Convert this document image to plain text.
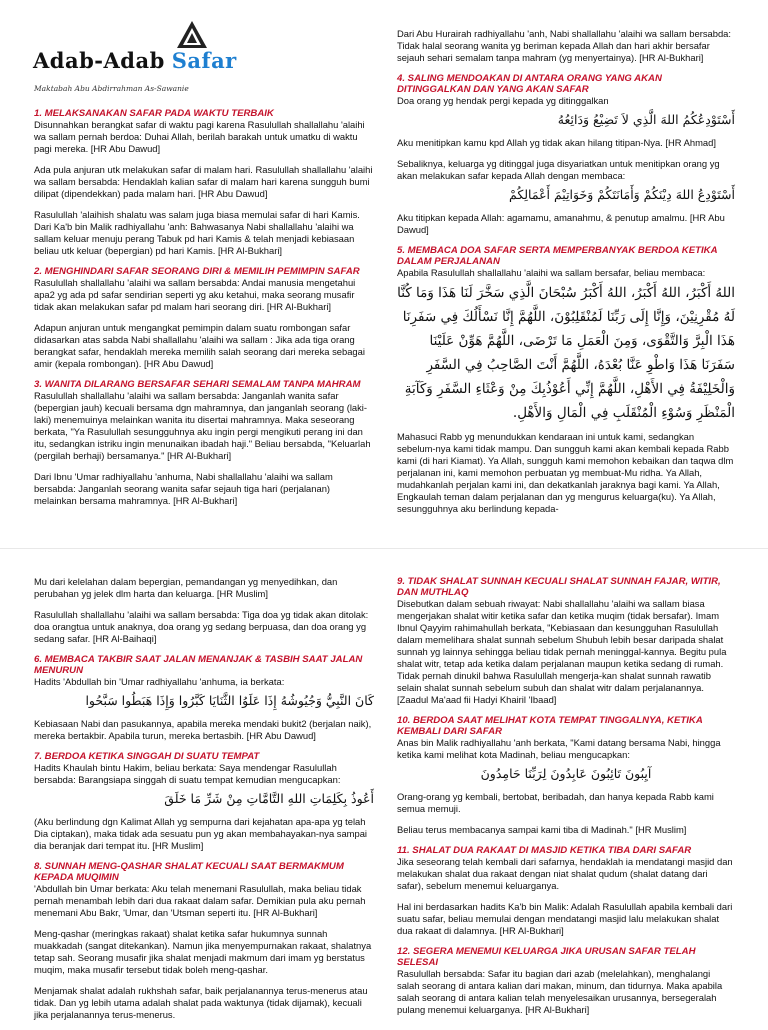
Adab-Adab Safar
Maktabah Abu Abdirrahman As-Sawanie
1. MELAKSANAKAN SAFAR PADA WAKTU TERBAIK

Disunnahkan berangkat safar di waktu pagi karena Rasulullah shallallahu 'alaihi wa sallam pernah berdoa: Duhai Allah, berilah barakah untuk umatku di waktu pagi mereka. [HR Abu Dawud]

Ada pula anjuran utk melakukan safar di malam hari. Rasulullah shallallahu 'alaihi wa sallam bersabda: Hendaklah kalian safar di malam hari karena sungguh bumi dilipat (dipendekkan) pada malam hari. [HR Abu Dawud]

Rasulullah 'alaihish shalatu was salam juga biasa memulai safar di hari Kamis. Dari Ka'b bin Malik radhiyallahu 'anh: Bahwasanya Nabi shallallahu 'alaihi wa sallam keluar menuju perang Tabuk pd hari Kamis & telah menjadi kebiasaan beliau utk keluar (bepergian) pd hari Kamis. [HR Al-Bukhari]

2. MENGHINDARI SAFAR SEORANG DIRI & MEMILIH PEMIMPIN SAFAR

Rasulullah shallallahu 'alaihi wa sallam bersabda: Andai manusia mengetahui apa2 yg ada pd safar sendirian seperti yg aku ketahui, maka seorang musafir tidak akan melakukan safar pd malam hari seorang diri. [HR Al-Bukhari]

Adapun anjuran untuk mengangkat pemimpin dalam suatu rombongan safar didasarkan atas sabda Nabi shallallahu 'alaihi wa sallam : Jika ada tiga orang berangkat safar, hendaklah mereka memilih salah seorang dari mereka sebagai amir (kepala rombongan). [HR Abu Dawud]

3. WANITA DILARANG BERSAFAR SEHARI SEMALAM TANPA MAHRAM

Rasulullah shallallahu 'alaihi wa sallam bersabda: Janganlah wanita safar (bepergian jauh) kecuali bersama dgn mahramnya, dan janganlah seorang (laki-laki) menemuinya melainkan wanita itu disertai mahramnya. Maka seseorang berkata, "Ya Rasulullah sesungguhnya aku ingin pergi mengikuti perang ini dan itu, sedangkan istriku ingin menunaikan ibadah haji." Beliau bersabda, "Keluarlah (pergilah berhaji) bersamanya." [HR Al-Bukhari]

Dari Ibnu 'Umar radhiyallahu 'anhuma, Nabi shallallahu 'alaihi wa sallam bersabda: Janganlah seorang wanita safar sejauh tiga hari (perjalanan) melainkan bersama mahramnya. [HR Al-Bukhari]

Dari Abu Hurairah radhiyallahu 'anh, Nabi shallallahu 'alaihi wa sallam bersabda: Tidak halal seorang wanita yg beriman kepada Allah dan hari akhir bersafar sejauh sehari semalam tanpa mahram (yg menyertainya). [HR Al-Bukhari]

4. SALING MENDOAKAN DI ANTARA ORANG YANG AKAN DITINGGALKAN DAN YANG AKAN SAFAR

Doa orang yg hendak pergi kepada yg ditinggalkan

أَسْتَوْدِعُكُمُ اللهَ الَّذِي لاَ تَضِيْعُ وَدَائِعُهُ

Aku menitipkan kamu kpd Allah yg tidak akan hilang titipan-Nya. [HR Ahmad]

Sebaliknya, keluarga yg ditinggal juga disyariatkan untuk menitipkan orang yg akan melakukan safar kepada Allah dengan membaca:

أَسْتَوْدِعُ اللهَ دِيْنَكُمْ وَأَمَانَتَكُمْ وَخَوَاتِيْمَ أَعْمَالِكُمْ

Aku titipkan kepada Allah: agamamu, amanahmu, & penutup amalmu. [HR Abu Dawud]

5. MEMBACA DOA SAFAR SERTA MEMPERBANYAK BERDOA KETIKA DALAM PERJALANAN

Apabila Rasulullah shallallahu 'alaihi wa sallam bersafar, beliau membaca:

اللهُ أَكْبَرُ، اللهُ أَكْبَرُ، اللهُ أَكْبَرُ سُبْحَانَ الَّذِي سَخَّرَ لَنَا هَذَا وَمَا كُنَّا لَهُ مُقْرِنِيْنَ، وَإِنَّا إِلَى رَبِّنَا لَمُنْقَلِبُوْنَ، اللَّهُمَّ إِنَّا نَسْأَلُكَ فِي سَفَرِنَا هَذَا الْبِرَّ وَالتَّقْوَى، وَمِنَ الْعَمَلِ مَا تَرْضَى، اللَّهُمَّ هَوِّنْ عَلَيْنَا سَفَرَنَا هَذَا وَاطْوِ عَنَّا بُعْدَهُ، اللَّهُمَّ أَنْتَ الصَّاحِبُ فِي السَّفَرِ وَالْخَلِيْفَةُ فِي الأَهْلِ، اللَّهُمَّ إِنِّي أَعُوْذُبِكَ مِنْ وَعْثَاءِ السَّفَرِ وَكَآبَةِ الْمَنْظَرِ وَسُوْءِ الْمُنْقَلَبِ فِي الْمَالِ وَالأَهْلِ.

Mahasuci Rabb yg menundukkan kendaraan ini untuk kami, sedangkan sebelum-nya kami tidak mampu. Dan sungguh kami akan kembali kepada Rabb kami (di hari Kiamat). Ya Allah, sungguh kami memohon kebaikan dan taqwa dlm perjalanan ini, kami memohon perbuatan yg membuat-Mu ridha. Ya Allah, mudahkanlah perjalan kami ini, dan dekatkanlah jaraknya bagi kami. Ya Allah, Engkaulah teman dalam perjalanan dan yg mengurus keluarga(ku). Ya Allah, sesungguhnya aku berlindung kepada-

Mu dari kelelahan dalam bepergian, pemandangan yg menyedihkan, dan perubahan yg jelek dlm harta dan keluarga. [HR Muslim]

Rasulullah shallallahu 'alaihi wa sallam bersabda: Tiga doa yg tidak akan ditolak: doa orangtua untuk anaknya, doa orang yg sedang berpuasa, dan doa orang yg sedang safar. [HR Al-Baihaqi]

6. MEMBACA TAKBIR SAAT JALAN MENANJAK & TASBIH SAAT JALAN MENURUN

Hadits 'Abdullah bin 'Umar radhiyallahu 'anhuma, ia berkata:

كَانَ النَّبِيُّ وَجُيُوشُهُ إِذَا عَلَوُا الثَّنَايَا كَبَّرُوا وَإِذَا هَبَطُوا سَبَّحُوا

Kebiasaan Nabi dan pasukannya, apabila mereka mendaki bukit2 (berjalan naik), mereka bertakbir. Apabila turun, mereka bertasbih. [HR Abu Dawud]

7. BERDOA KETIKA SINGGAH DI SUATU TEMPAT

Hadits Khaulah bintu Hakim, beliau berkata: Saya mendengar Rasulullah bersabda: Barangsiapa singgah di suatu tempat kemudian mengucapkan:

أَعُوذُ بِكَلِمَاتِ اللهِ التَّامَّاتِ مِنْ شَرِّ مَا خَلَقَ

(Aku berlindung dgn Kalimat Allah yg sempurna dari kejahatan apa-apa yg telah Dia ciptakan), maka tidak ada sesuatu pun yg akan membahayakan-nya sampai dia beranjak dari tempat itu. [HR Muslim]

8. SUNNAH MENG-QASHAR SHALAT KECUALI SAAT BERMAKMUM KEPADA MUQIMIN

'Abdullah bin Umar berkata: Aku telah menemani Rasulullah, maka beliau tidak pernah menambah lebih dari dua rakaat dalam safar. Demikian pula aku pernah menemani Abu Bakr, 'Umar, dan 'Utsman seperti itu. [HR Al-Bukhari]

Meng-qashar (meringkas rakaat) shalat ketika safar hukumnya sunnah muakkadah (sangat ditekankan). Namun jika menyempurnakan rakaat, shalatnya tetap sah. Seorang musafir jika shalat menjadi makmum dari imam yg berstatus muqim, maka musafir tersebut tidak boleh meng-qashar.

Menjamak shalat adalah rukhshah safar, baik perjalanannya terus-menerus atau tidak. Dan yg lebih utama adalah shalat pada waktunya (tidak dijamak), kecuali jika perjalanannya terus-menerus.

9. TIDAK SHALAT SUNNAH KECUALI SHALAT SUNNAH FAJAR, WITIR, DAN MUTHLAQ

Disebutkan dalam sebuah riwayat: Nabi shallallahu 'alaihi wa sallam biasa mengerjakan shalat witir ketika safar dan ketika muqim (tidak bersafar). Imam Ibnul Qayyim rahimahullah berkata, "Kebiasaan dan kesungguhan Rasulullah dalam memelihara shalat sunnah sebelum Shubuh lebih besar daripada shalat sunnah yg lainnya sehingga beliau tidak pernah meninggal-kannya. Begitu pula shalat witr, tetap ada ketika dalam perjalanan maupun ketika sedang di rumah. Tidak pernah dinukil bahwa Rasulullah mengerja-kan shalat sunnah rawatib selain shalat sunnah sebelum subuh dan shalat witr dalam perjalanannya. [Zaadul Ma'aad fii Hadyi Khairil 'Ibaad]

10. BERDOA SAAT MELIHAT KOTA TEMPAT TINGGALNYA, KETIKA KEMBALI DARI SAFAR

Anas bin Malik radhiyallahu 'anh berkata, "Kami datang bersama Nabi, hingga ketika kami melihat kota Madinah, beliau mengucapkan:

آيِبُونَ تَائِبُونَ عَابِدُونَ لِرَبِّنَا حَامِدُونَ

Orang-orang yg kembali, bertobat, beribadah, dan hanya kepada Rabb kami semua memuji.

Beliau terus membacanya sampai kami tiba di Madinah." [HR Muslim]

11. SHALAT DUA RAKAAT DI MASJID KETIKA TIBA DARI SAFAR

Jika seseorang telah kembali dari safarnya, hendaklah ia mendatangi masjid dan melakukan shalat dua rakaat dengan niat shalat qudum (shalat datang dari safar), sebelum menemui keluarganya.

Hal ini berdasarkan hadits Ka'b bin Malik: Adalah Rasulullah apabila kembali dari suatu safar, beliau memulai dengan mendatangi masjid lalu melakukan shalat dua rakaat di dalamnya. [HR Al-Bukhari]

12. SEGERA MENEMUI KELUARGA JIKA URUSAN SAFAR TELAH SELESAI

Rasulullah bersabda: Safar itu bagian dari azab (melelahkan), menghalangi salah seorang di antara kalian dari makan, minum, dan tidurnya. Maka apabila salah seorang di antara kalian telah menyelesaikan urusannya, bersegeralah pulang menemui keluarganya. [HR Al-Bukhari]
